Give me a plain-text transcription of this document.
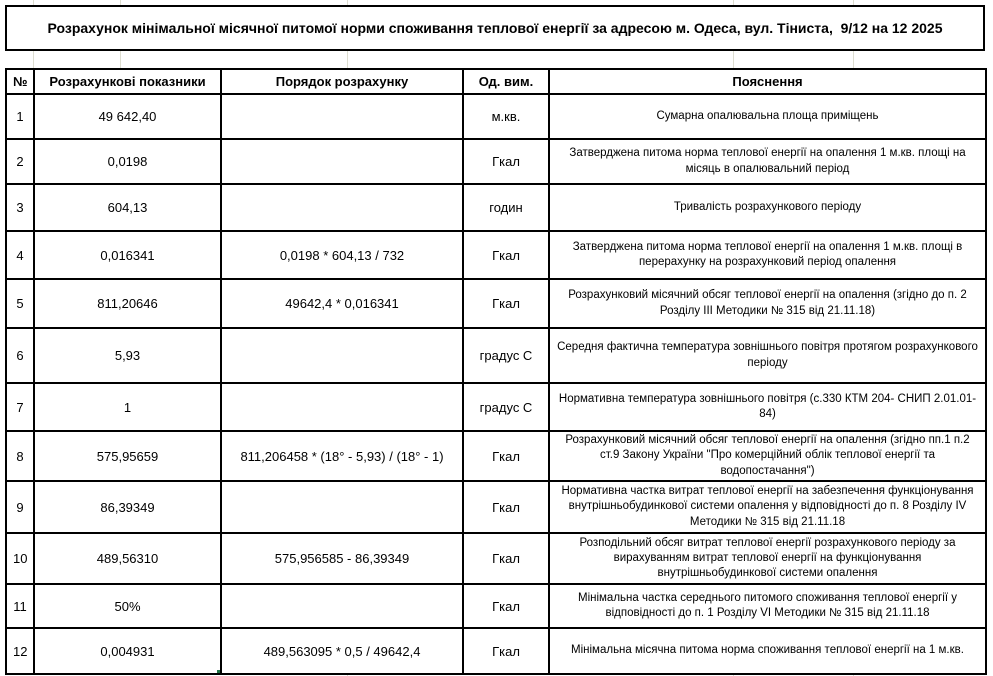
Розрахунок мінімальної місячної питомої норми споживання теплової енергії за адресою м. Одеса, вул. Тіниста,  9/12 на 12 2025
№	Розрахункові показники	Порядок розрахунку	Од. вим.	Пояснення
1	49 642,40		м.кв.	Сумарна опалювальна площа приміщень
2	0,0198		Гкал	Затверджена питома норма теплової енергії на опалення 1 м.кв. площі на місяць в опалювальний період
3	604,13		годин	Тривалість розрахункового періоду
4	0,016341	0,0198 * 604,13 / 732	Гкал	Затверджена питома норма теплової енергії на опалення 1 м.кв. площі в перерахунку на розрахунковий період опалення
5	811,20646	49642,4 * 0,016341	Гкал	Розрахунковий місячний обсяг теплової енергії на опалення (згідно до п. 2 Розділу III Методики № 315 від 21.11.18)
6	5,93		градус С	Середня фактична температура зовнішнього повітря протягом розрахункового періоду
7	1		градус С	Нормативна температура зовнішнього повітря (с.330 КТМ 204- СНИП 2.01.01-84)
8	575,95659	811,206458 * (18° - 5,93) / (18° - 1)	Гкал	Розрахунковий місячний обсяг теплової енергії на опалення (згідно пп.1 п.2 ст.9 Закону України "Про комерційний облік теплової енергії та водопостачання")
9	86,39349		Гкал	Нормативна частка витрат теплової енергії на забезпечення функціонування внутрішньобудинкової системи опалення у відповідності до п. 8 Розділу IV Методики № 315 від 21.11.18
10	489,56310	575,956585 - 86,39349	Гкал	Розподільний обсяг витрат теплової енергії розрахункового періоду за вирахуванням витрат теплової енергії на функціонування внутрішньобудинкової системи опалення
11	50%		Гкал	Мінімальна частка середнього питомого споживання теплової енергії у відповідності до п. 1 Розділу VI Методики № 315 від 21.11.18
12	0,004931	489,563095 * 0,5 / 49642,4	Гкал	Мінімальна місячна питома норма споживання теплової енергії на 1 м.кв.
